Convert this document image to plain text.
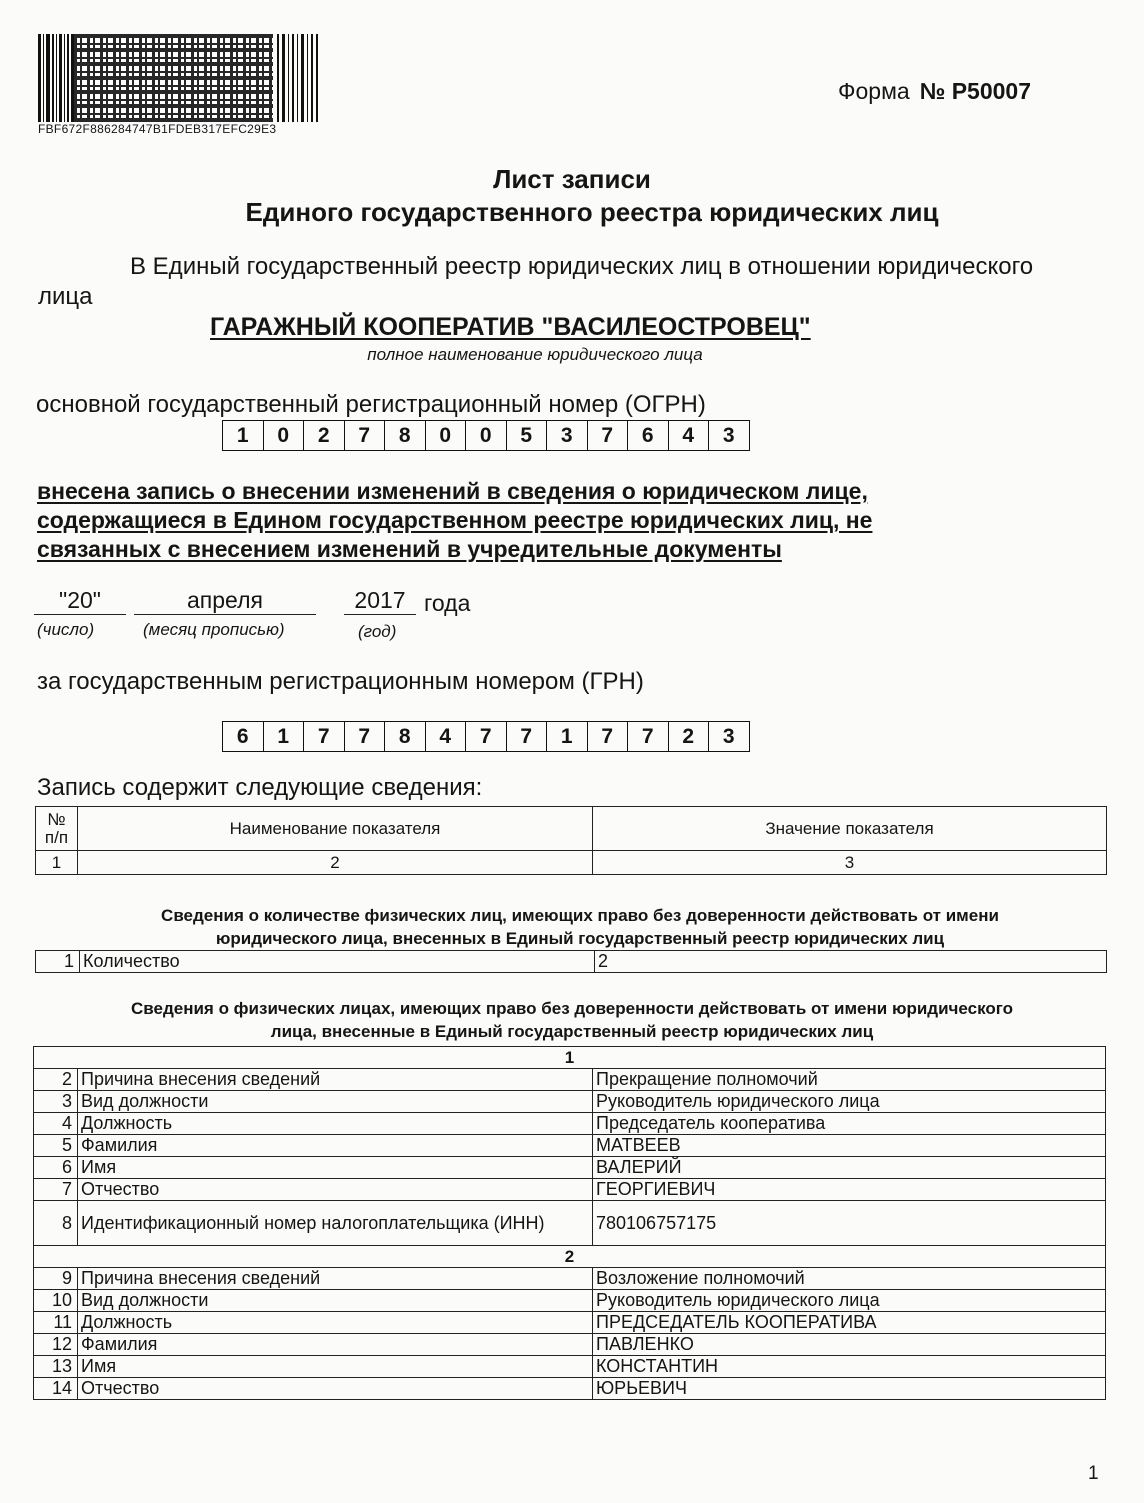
FBF672F886284747B1FDEB317EFC29E3
Форма № Р50007
Лист записи
Единого государственного реестра юридических лиц
В Единый государственный реестр юридических лиц в отношении юридического
лица
ГАРАЖНЫЙ КООПЕРАТИВ "ВАСИЛЕОСТРОВЕЦ"
полное наименование юридического лица
основной государственный регистрационный номер (ОГРН)
1	0	2	7	8	0	0	5	3	7	6	4	3
внесена запись о внесении изменений в сведения о юридическом лице,
содержащиеся в Едином государственном реестре юридических лиц, не
связанных с внесением изменений в учредительные документы
"20"	апреля	2017 года
(число)	(месяц прописью)	(год)
за государственным регистрационным номером (ГРН)
6	1	7	7	8	4	7	7	1	7	7	2	3
Запись содержит следующие сведения:
№ п/п	Наименование показателя	Значение показателя
1	2	3
Сведения о количестве физических лиц, имеющих право без доверенности действовать от имени
юридического лица, внесенных в Единый государственный реестр юридических лиц
1	Количество	2
Сведения о физических лицах, имеющих право без доверенности действовать от имени юридического
лица, внесенные в Единый государственный реестр юридических лиц
1		
2	Причина внесения сведений	Прекращение полномочий
3	Вид должности	Руководитель юридического лица
4	Должность	Председатель кооператива
5	Фамилия	МАТВЕЕВ
6	Имя	ВАЛЕРИЙ
7	Отчество	ГЕОРГИЕВИЧ
8	Идентификационный номер налогоплательщика (ИНН)	780106757175
2		
9	Причина внесения сведений	Возложение полномочий
10	Вид должности	Руководитель юридического лица
11	Должность	ПРЕДСЕДАТЕЛЬ КООПЕРАТИВА
12	Фамилия	ПАВЛЕНКО
13	Имя	КОНСТАНТИН
14	Отчество	ЮРЬЕВИЧ
1
